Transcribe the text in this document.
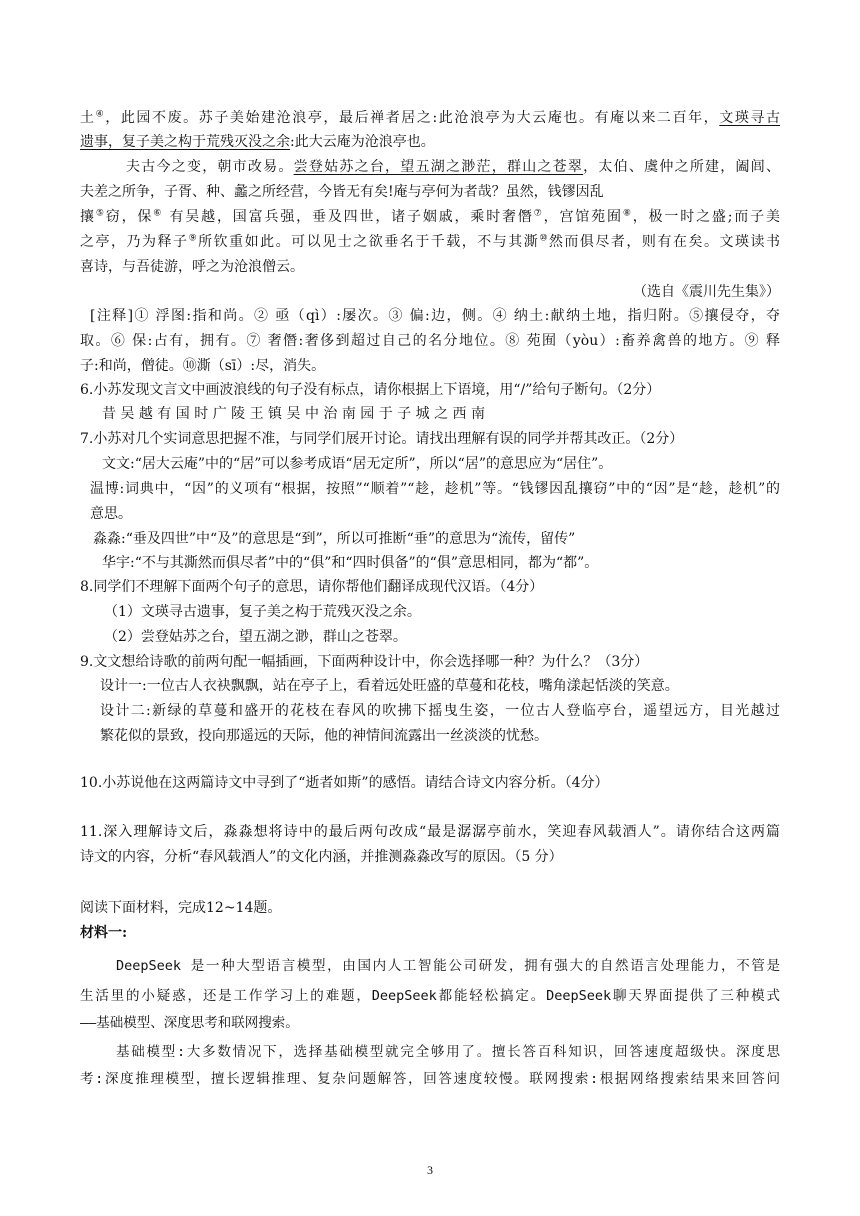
土④，此园不废。苏子美始建沧浪亭，最后禅者居之:此沧浪亭为大云庵也。有庵以来二百年，文瑛寻古
遗事，复子美之构于荒残灭没之余:此大云庵为沧浪亭也。
夫古今之变，朝市改易。尝登姑苏之台，望五湖之渺茫，群山之苍翠，太伯、虞仲之所建，阖闾、
夫差之所争，子胥、种、蠡之所经营，今皆无有矣!庵与亭何为者哉？虽然，钱镠因乱
攘⑤窃，保⑥ 有吴越，国富兵强，垂及四世，诸子姻戚，乘时奢僭⑦，宫馆苑囿⑧，极一时之盛;而子美
之亭，乃为释子⑨所钦重如此。可以见士之欲垂名于千载，不与其澌⑩然而俱尽者，则有在矣。文瑛读书
喜诗，与吾徒游，呼之为沧浪僧云。
（选自《震川先生集》）
[注释]① 浮图:指和尚。② 亟（qì）:屡次。③ 偏:边，侧。④ 纳土:献纳土地，指归附。⑤攘侵夺，夺
取。⑥ 保:占有，拥有。⑦ 奢僭:奢侈到超过自己的名分地位。⑧ 苑囿（yòu）:畜养禽兽的地方。⑨ 释
子:和尚，僧徒。⑩澌（sī）:尽，消失。
6.小苏发现文言文中画波浪线的句子没有标点，请你根据上下语境，用“/”给句子断句。（2分）
昔 吴 越 有 国 时 广 陵 王 镇 吴 中 治 南 园 于 子 城 之 西 南
7.小苏对几个实词意思把握不准，与同学们展开讨论。请找出理解有误的同学并帮其改正。（2分）
文文:“居大云庵”中的“居”可以参考成语“居无定所”，所以“居”的意思应为“居住”。
温博:词典中，“因”的义项有“根据，按照”“顺着”“趁，趁机”等。“钱镠因乱攘窃”中的“因”是“趁，趁机”的
意思。
淼淼:“垂及四世”中“及”的意思是“到”，所以可推断“垂”的意思为“流传，留传”
华宇:“不与其澌然而俱尽者”中的“俱”和“四时俱备”的“俱”意思相同，都为“都”。
8.同学们不理解下面两个句子的意思，请你帮他们翻译成现代汉语。（4分）
（1）文瑛寻古遗事，复子美之构于荒残灭没之余。
（2）尝登姑苏之台，望五湖之渺，群山之苍翠。
9.文文想给诗歌的前两句配一幅插画，下面两种设计中，你会选择哪一种？为什么？（3分）
设计一:一位古人衣袂飘飘，站在亭子上，看着远处旺盛的草蔓和花枝，嘴角漾起恬淡的笑意。
设计二:新绿的草蔓和盛开的花枝在春风的吹拂下摇曳生姿，一位古人登临亭台，遥望远方，目光越过
繁花似的景致，投向那遥远的天际，他的神情间流露出一丝淡淡的忧愁。
10.小苏说他在这两篇诗文中寻到了“逝者如斯”的感悟。请结合诗文内容分析。（4分）
11.深入理解诗文后，淼淼想将诗中的最后两句改成“最是潺潺亭前水，笑迎春风载酒人”。请你结合这两篇
诗文的内容，分析“春风载酒人”的文化内涵，并推测淼淼改写的原因。（5 分）
阅读下面材料，完成12~14题。
材料一:
DeepSeek 是一种大型语言模型，由国内人工智能公司研发，拥有强大的自然语言处理能力，不管是
生活里的小疑惑，还是工作学习上的难题，DeepSeek都能轻松搞定。DeepSeek聊天界面提供了三种模式
——基础模型、深度思考和联网搜索。
基础模型:大多数情况下，选择基础模型就完全够用了。擅长答百科知识，回答速度超级快。深度思
考:深度推理模型，擅长逻辑推理、复杂问题解答，回答速度较慢。联网搜索:根据网络搜索结果来回答问
3
